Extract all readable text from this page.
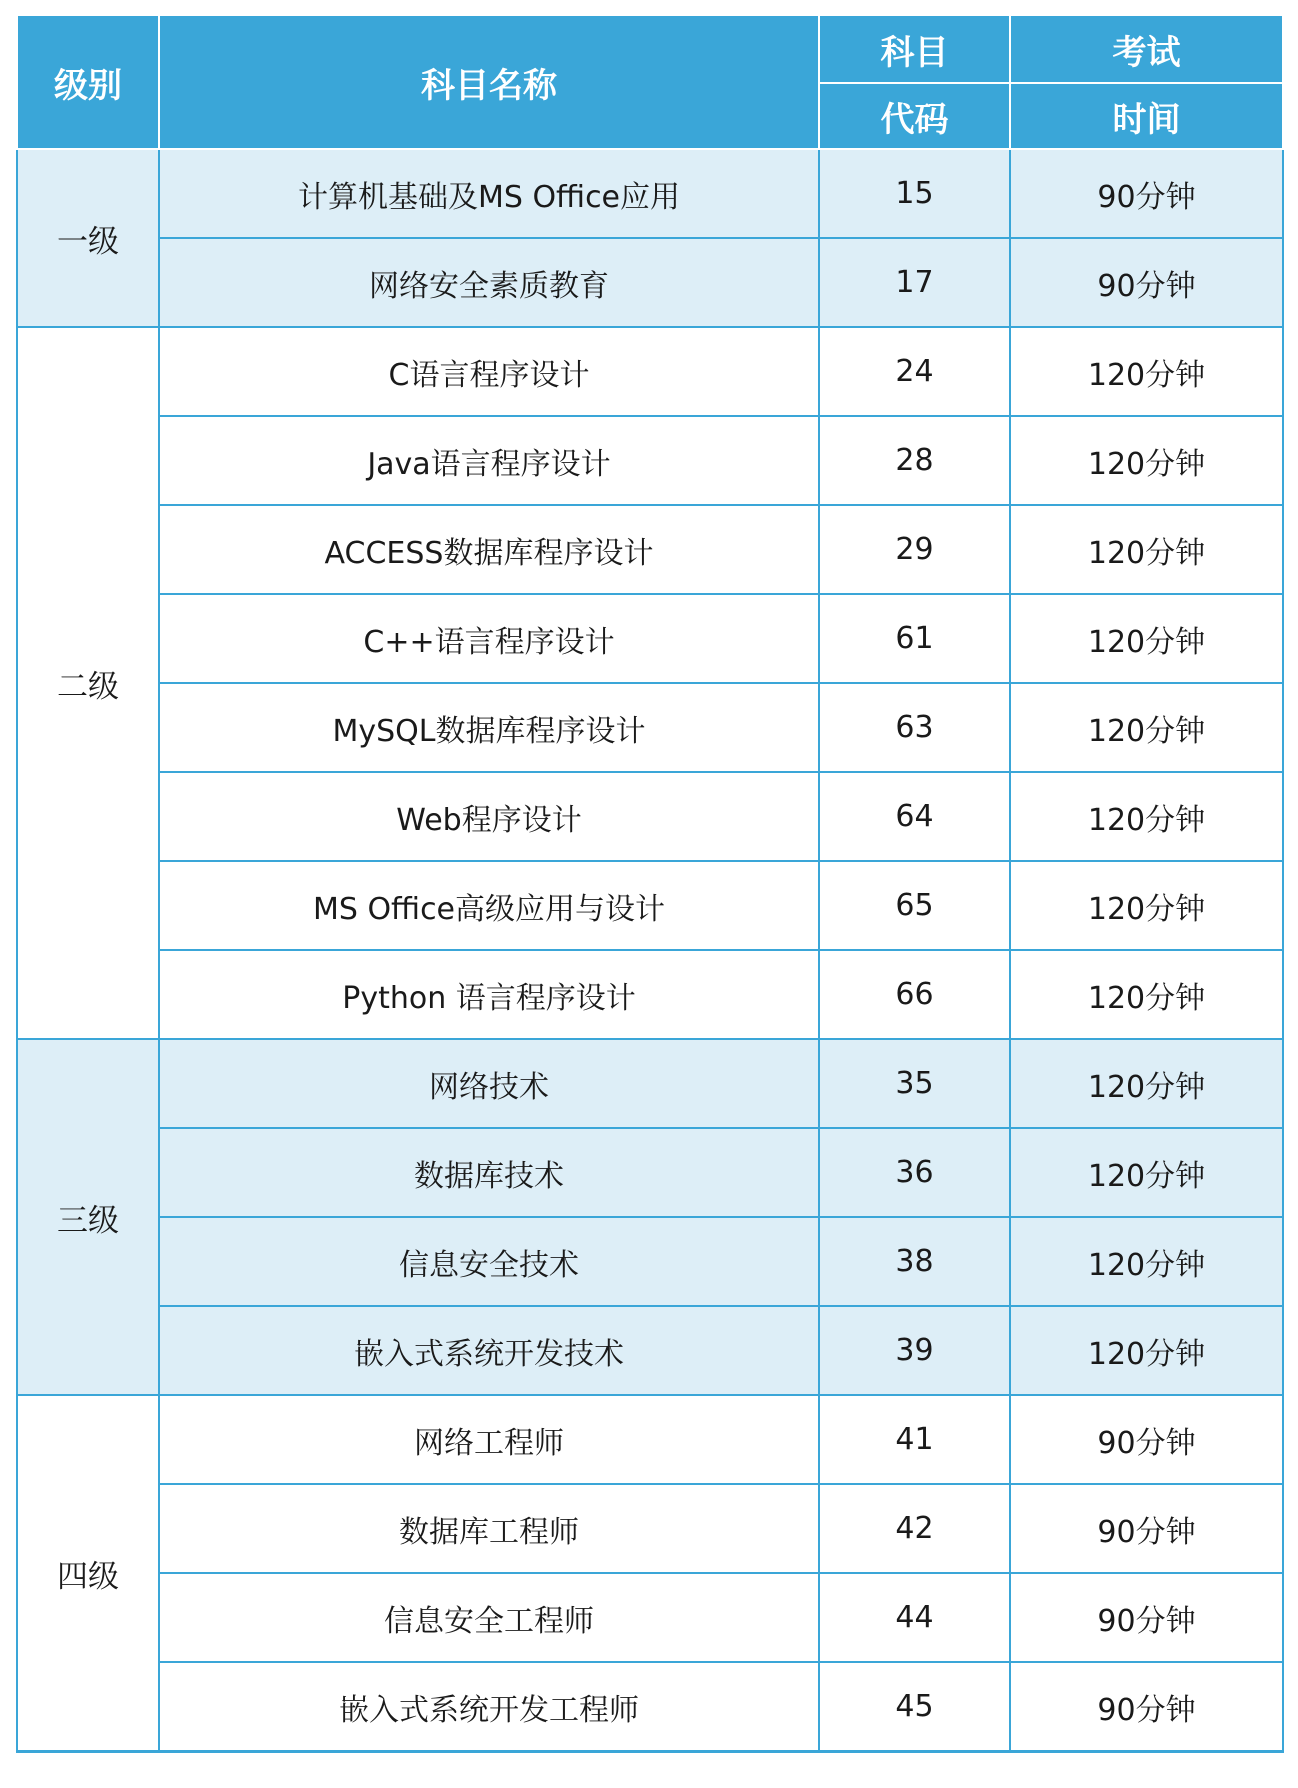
级别	科目名称	科目	考试
		代码	时间
一级	计算机基础及MS Office应用	15	90分钟
	网络安全素质教育	17	90分钟
二级	C语言程序设计	24	120分钟
	Java语言程序设计	28	120分钟
	ACCESS数据库程序设计	29	120分钟
	C++语言程序设计	61	120分钟
	MySQL数据库程序设计	63	120分钟
	Web程序设计	64	120分钟
	MS Office高级应用与设计	65	120分钟
	Python 语言程序设计	66	120分钟
三级	网络技术	35	120分钟
	数据库技术	36	120分钟
	信息安全技术	38	120分钟
	嵌入式系统开发技术	39	120分钟
四级	网络工程师	41	90分钟
	数据库工程师	42	90分钟
	信息安全工程师	44	90分钟
	嵌入式系统开发工程师	45	90分钟
